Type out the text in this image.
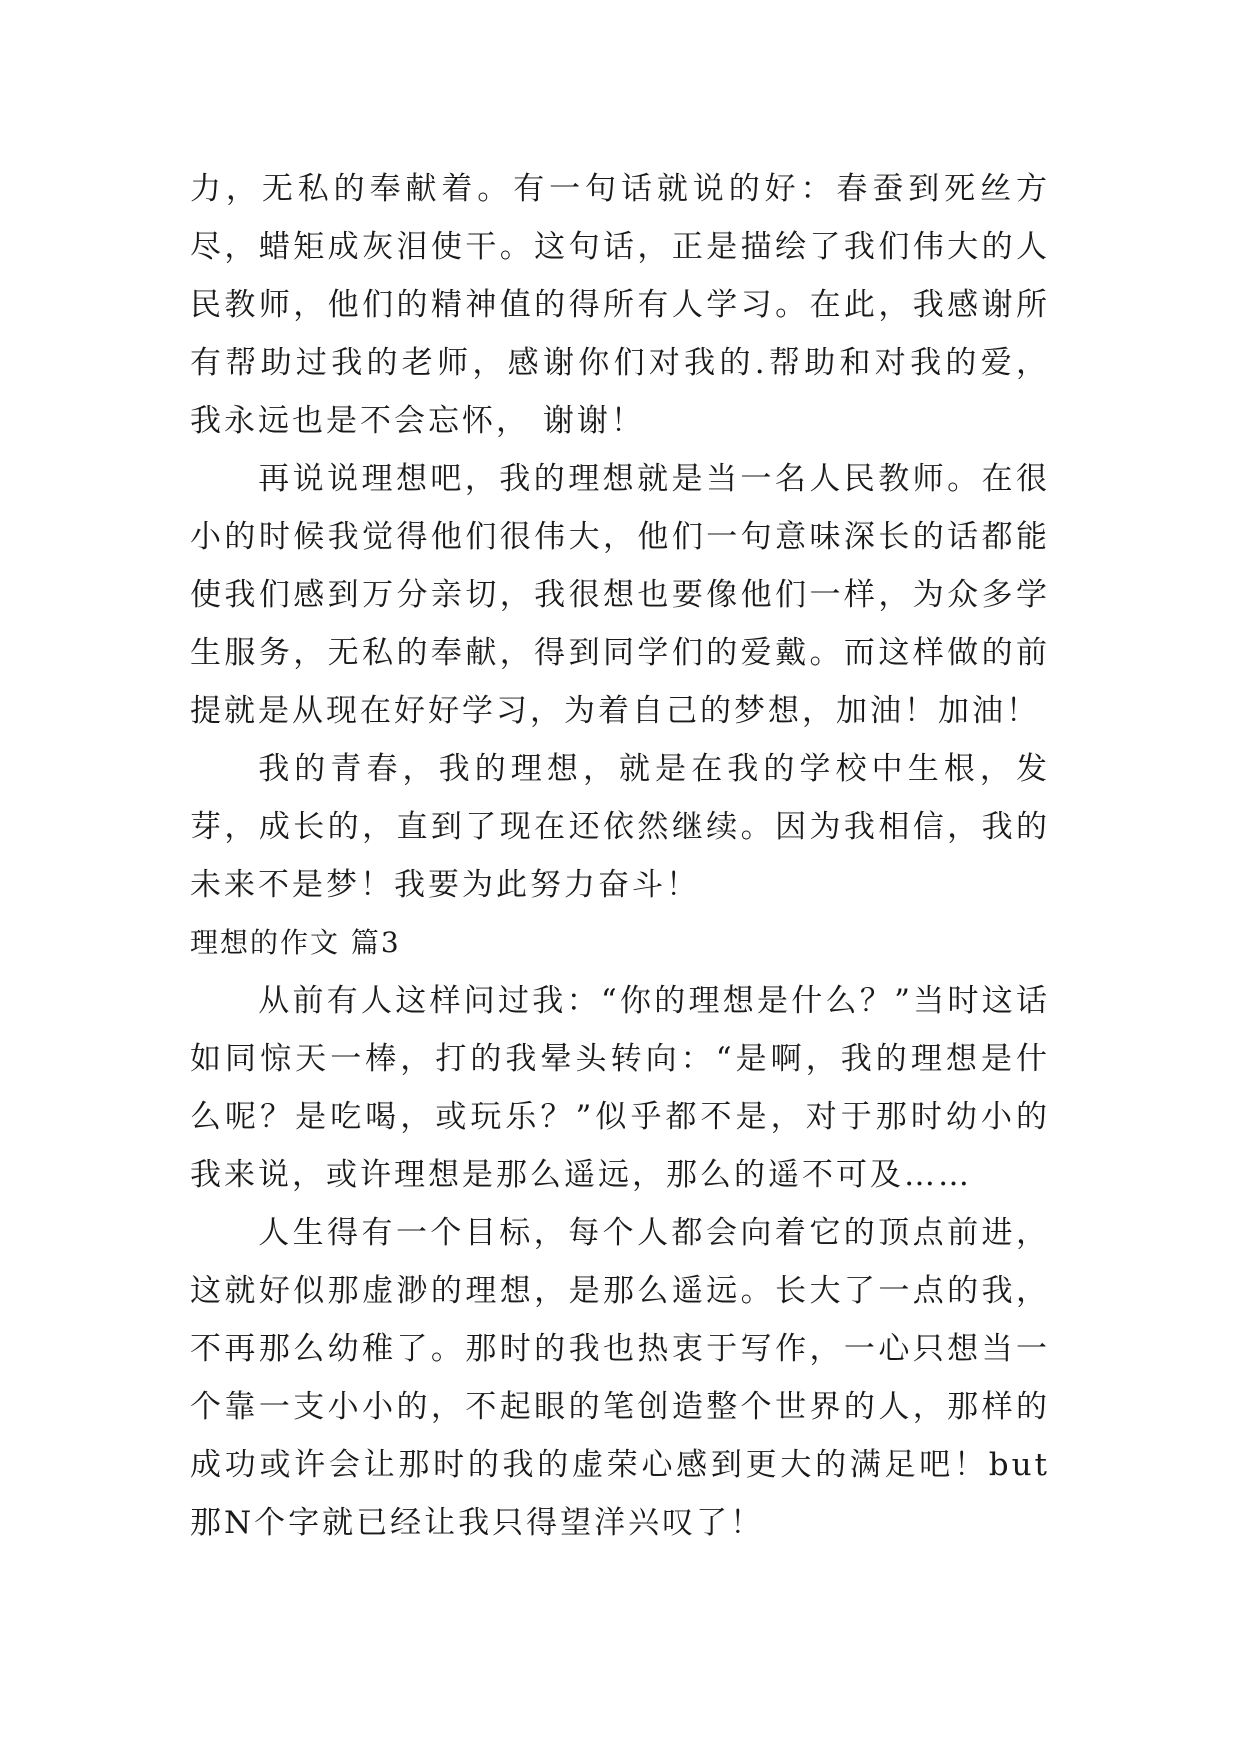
力，无私的奉献着。有一句话就说的好：春蚕到死丝方尽，蜡矩成灰泪使干。这句话，正是描绘了我们伟大的人民教师，他们的精神值的得所有人学习。在此，我感谢所有帮助过我的老师，感谢你们对我的.帮助和对我的爱，我永远也是不会忘怀， 谢谢！

再说说理想吧，我的理想就是当一名人民教师。在很小的时候我觉得他们很伟大，他们一句意味深长的话都能使我们感到万分亲切，我很想也要像他们一样，为众多学生服务，无私的奉献，得到同学们的爱戴。而这样做的前提就是从现在好好学习，为着自己的梦想，加油！加油！

我的青春，我的理想，就是在我的学校中生根，发芽，成长的，直到了现在还依然继续。因为我相信，我的未来不是梦！我要为此努力奋斗！

理想的作文 篇3

从前有人这样问过我：“你的理想是什么？”当时这话如同惊天一棒，打的我晕头转向：“是啊，我的理想是什么呢？是吃喝，或玩乐？”似乎都不是，对于那时幼小的我来说，或许理想是那么遥远，那么的遥不可及……

人生得有一个目标，每个人都会向着它的顶点前进，这就好似那虚渺的理想，是那么遥远。长大了一点的我，不再那么幼稚了。那时的我也热衷于写作，一心只想当一个靠一支小小的，不起眼的笔创造整个世界的人，那样的成功或许会让那时的我的虚荣心感到更大的满足吧！but那N个字就已经让我只得望洋兴叹了！
